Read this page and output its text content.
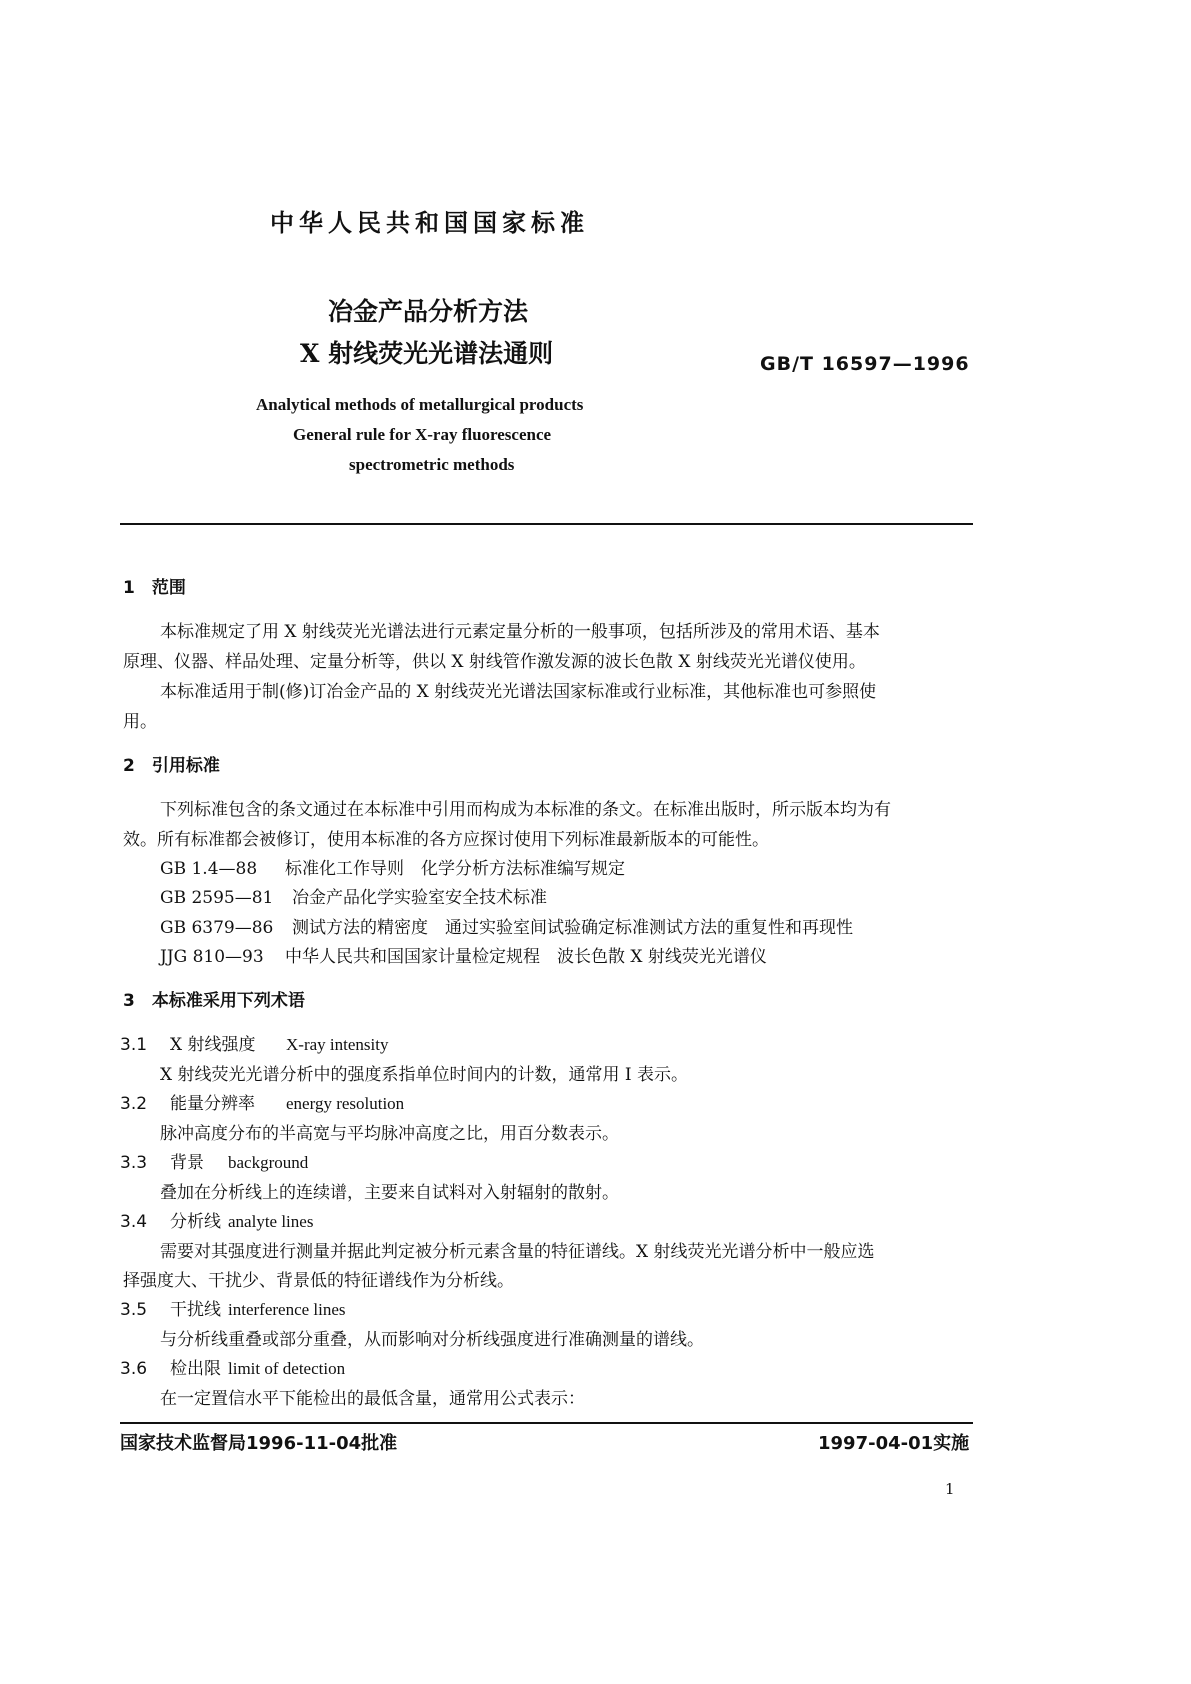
中华人民共和国国家标准
冶金产品分析方法
X 射线荧光光谱法通则	GB/T 16597—1996
Analytical methods of metallurgical products
General rule for X-ray fluorescence
spectrometric methods
1　范围
本标准规定了用 X 射线荧光光谱法进行元素定量分析的一般事项，包括所涉及的常用术语、基本
原理、仪器、样品处理、定量分析等，供以 X 射线管作激发源的波长色散 X 射线荧光光谱仪使用。
本标准适用于制(修)订冶金产品的 X 射线荧光光谱法国家标准或行业标准，其他标准也可参照使
用。
2　引用标准
下列标准包含的条文通过在本标准中引用而构成为本标准的条文。在标准出版时，所示版本均为有
效。所有标准都会被修订，使用本标准的各方应探讨使用下列标准最新版本的可能性。
GB 1.4—88 标准化工作导则　化学分析方法标准编写规定
GB 2595—81 冶金产品化学实验室安全技术标准
GB 6379—86 测试方法的精密度　通过实验室间试验确定标准测试方法的重复性和再现性
JJG 810—93 中华人民共和国国家计量检定规程　波长色散 X 射线荧光光谱仪
3　本标准采用下列术语
3.1 X 射线强度 X-ray intensity
X 射线荧光光谱分析中的强度系指单位时间内的计数，通常用 I 表示。
3.2 能量分辨率 energy resolution
脉冲高度分布的半高宽与平均脉冲高度之比，用百分数表示。
3.3 背景 background
叠加在分析线上的连续谱，主要来自试料对入射辐射的散射。
3.4 分析线 analyte lines
需要对其强度进行测量并据此判定被分析元素含量的特征谱线。X 射线荧光光谱分析中一般应选
择强度大、干扰少、背景低的特征谱线作为分析线。
3.5 干扰线 interference lines
与分析线重叠或部分重叠，从而影响对分析线强度进行准确测量的谱线。
3.6 检出限 limit of detection
在一定置信水平下能检出的最低含量，通常用公式表示：
国家技术监督局1996-11-04批准	1997-04-01实施
1
